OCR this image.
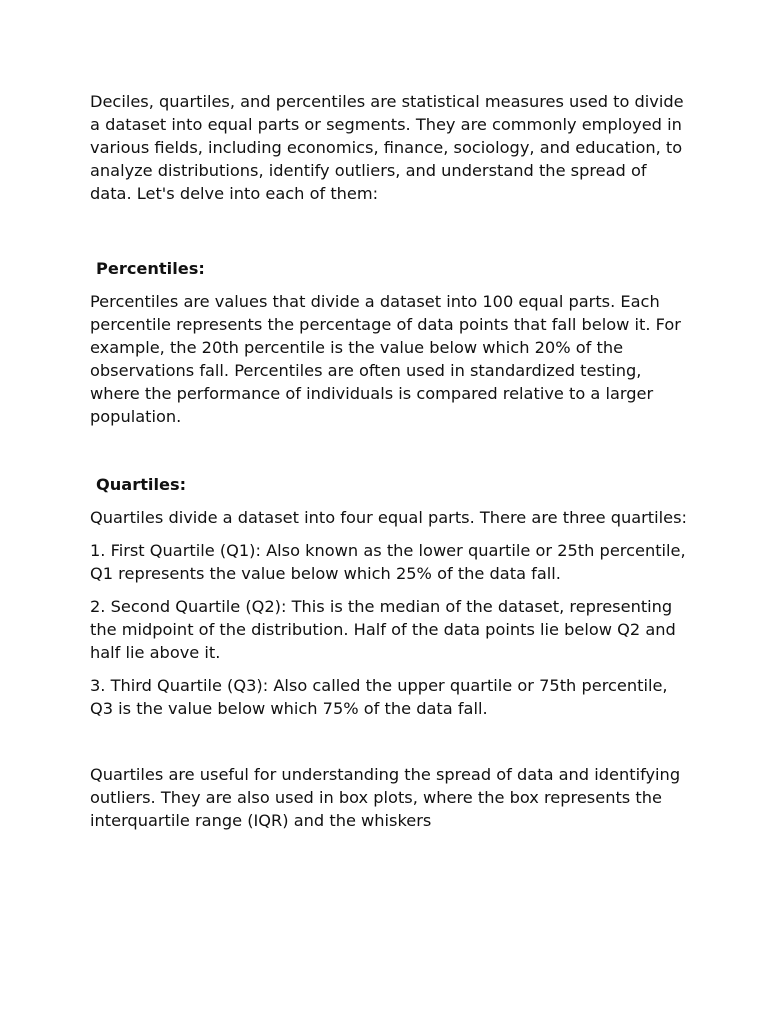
Deciles, quartiles, and percentiles are statistical measures used to divide a dataset into equal parts or segments. They are commonly employed in various fields, including economics, finance, sociology, and education, to analyze distributions, identify outliers, and understand the spread of data. Let's delve into each of them:

Percentiles:

Percentiles are values that divide a dataset into 100 equal parts. Each percentile represents the percentage of data points that fall below it. For example, the 20th percentile is the value below which 20% of the observations fall. Percentiles are often used in standardized testing, where the performance of individuals is compared relative to a larger population.

Quartiles:

Quartiles divide a dataset into four equal parts. There are three quartiles:

1. First Quartile (Q1): Also known as the lower quartile or 25th percentile, Q1 represents the value below which 25% of the data fall.

2. Second Quartile (Q2): This is the median of the dataset, representing the midpoint of the distribution. Half of the data points lie below Q2 and half lie above it.

3. Third Quartile (Q3): Also called the upper quartile or 75th percentile, Q3 is the value below which 75% of the data fall.

Quartiles are useful for understanding the spread of data and identifying outliers. They are also used in box plots, where the box represents the interquartile range (IQR) and the whiskers
